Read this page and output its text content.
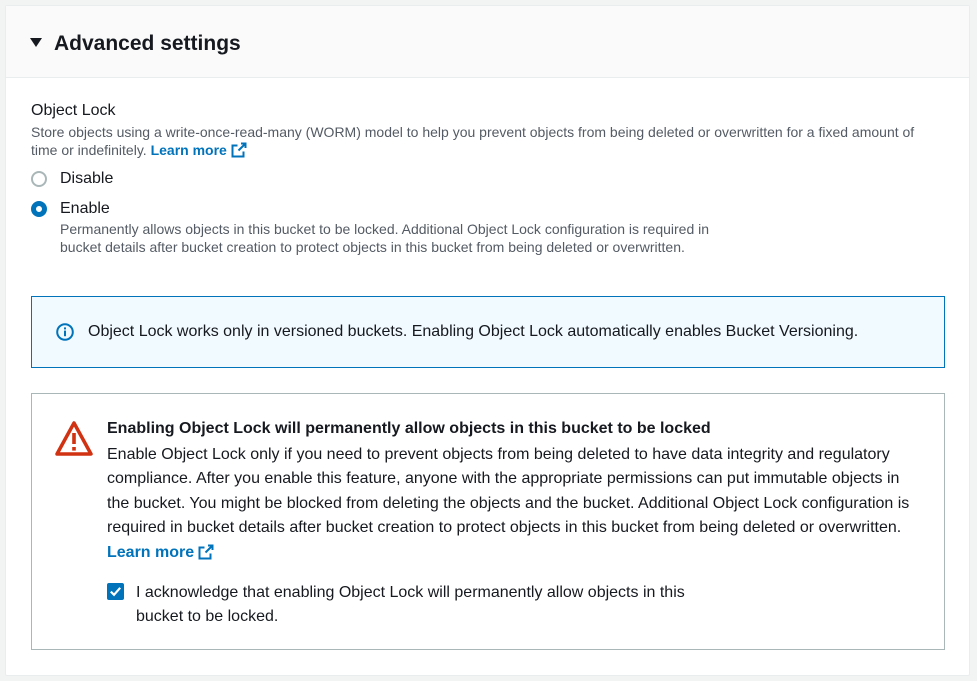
Advanced settings
Object Lock
Store objects using a write-once-read-many (WORM) model to help you prevent objects from being deleted or overwritten for a fixed amount of time or indefinitely. Learn more
Disable
Enable
Permanently allows objects in this bucket to be locked. Additional Object Lock configuration is required in bucket details after bucket creation to protect objects in this bucket from being deleted or overwritten.
Object Lock works only in versioned buckets. Enabling Object Lock automatically enables Bucket Versioning.
Enabling Object Lock will permanently allow objects in this bucket to be locked
Enable Object Lock only if you need to prevent objects from being deleted to have data integrity and regulatory compliance. After you enable this feature, anyone with the appropriate permissions can put immutable objects in the bucket. You might be blocked from deleting the objects and the bucket. Additional Object Lock configuration is required in bucket details after bucket creation to protect objects in this bucket from being deleted or overwritten. Learn more
I acknowledge that enabling Object Lock will permanently allow objects in this bucket to be locked.
